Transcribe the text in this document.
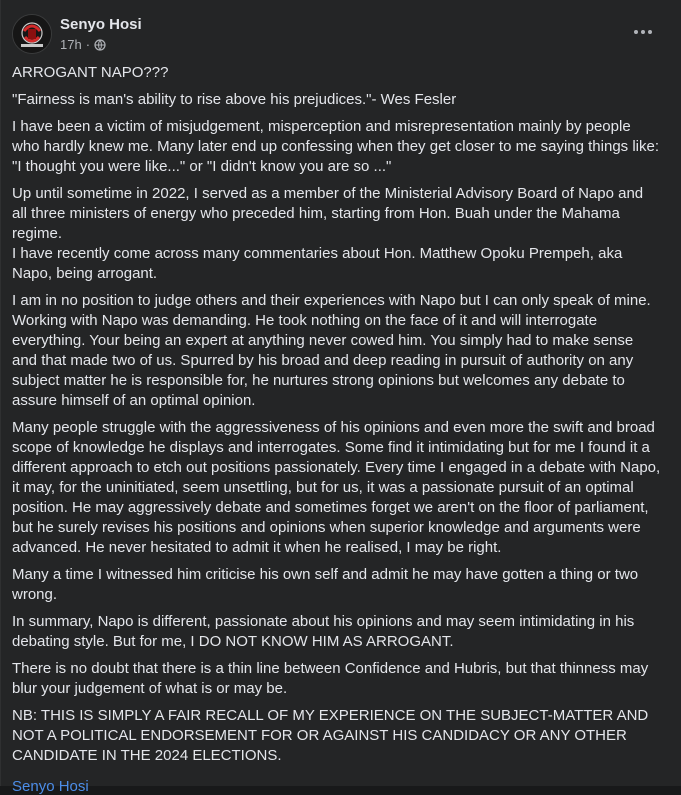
Senyo Hosi
17h ·

ARROGANT NAPO???

"Fairness is man's ability to rise above his prejudices."- Wes Fesler

I have been a victim of misjudgement, misperception and misrepresentation mainly by people who hardly knew me. Many later end up confessing when they get closer to me saying things like: "I thought you were like..." or "I didn't know you are so ..."

Up until sometime in 2022, I served as a member of the Ministerial Advisory Board of Napo and all three ministers of energy who preceded him, starting from Hon. Buah under the Mahama regime.
I have recently come across many commentaries about Hon. Matthew Opoku Prempeh, aka Napo, being arrogant.

I am in no position to judge others and their experiences with Napo but I can only speak of mine. Working with Napo was demanding. He took nothing on the face of it and will interrogate everything. Your being an expert at anything never cowed him. You simply had to make sense and that made two of us. Spurred by his broad and deep reading in pursuit of authority on any subject matter he is responsible for, he nurtures strong opinions but welcomes any debate to assure himself of an optimal opinion.

Many people struggle with the aggressiveness of his opinions and even more the swift and broad scope of knowledge he displays and interrogates. Some find it intimidating but for me I found it a different approach to etch out positions passionately. Every time I engaged in a debate with Napo, it may, for the uninitiated, seem unsettling, but for us, it was a passionate pursuit of an optimal position. He may aggressively debate and sometimes forget we aren't on the floor of parliament, but he surely revises his positions and opinions when superior knowledge and arguments were advanced. He never hesitated to admit it when he realised, I may be right.

Many a time I witnessed him criticise his own self and admit he may have gotten a thing or two wrong.

In summary, Napo is different, passionate about his opinions and may seem intimidating in his debating style. But for me, I DO NOT KNOW HIM AS ARROGANT.

There is no doubt that there is a thin line between Confidence and Hubris, but that thinness may blur your judgement of what is or may be.

NB: THIS IS SIMPLY A FAIR RECALL OF MY EXPERIENCE ON THE SUBJECT-MATTER AND NOT A POLITICAL ENDORSEMENT FOR OR AGAINST HIS CANDIDACY OR ANY OTHER CANDIDATE IN THE 2024 ELECTIONS.

Senyo Hosi
